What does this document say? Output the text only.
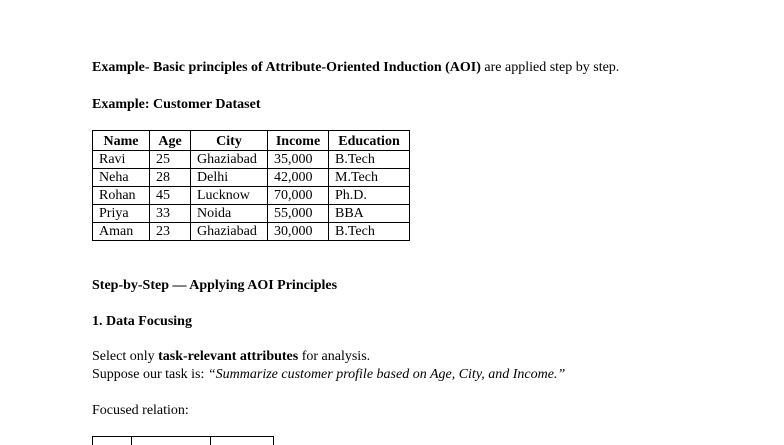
Example- Basic principles of Attribute-Oriented Induction (AOI) are applied step by step.
Example: Customer Dataset
Name	Age	City	Income	Education
Ravi	25	Ghaziabad	35,000	B.Tech
Neha	28	Delhi	42,000	M.Tech
Rohan	45	Lucknow	70,000	Ph.D.
Priya	33	Noida	55,000	BBA
Aman	23	Ghaziabad	30,000	B.Tech
Step-by-Step — Applying AOI Principles
1. Data Focusing
Select only task-relevant attributes for analysis.
Suppose our task is: “Summarize customer profile based on Age, City, and Income.”
Focused relation:
